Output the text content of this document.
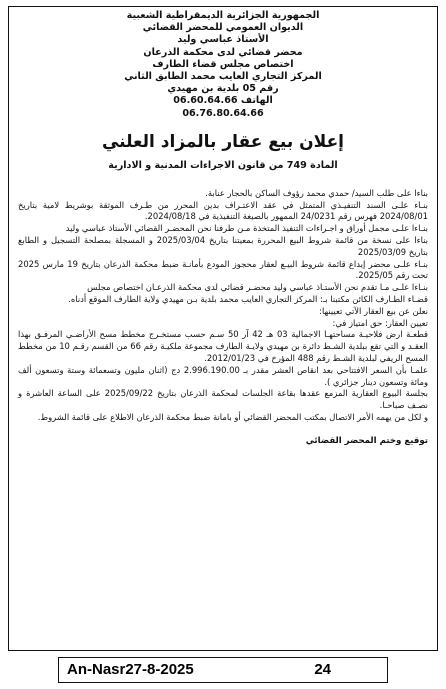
الجمهورية الجزائرية الديمقراطية الشعبية
الديوان العمومي للمحضر القضائي
الأستاذ عباسي وليد
محضر قضائي لدى محكمة الذرعان
اختصاص مجلس قضاء الطارف
المركز التجاري العايب محمد الطابق الثاني
رقم 05 بلدية بن مهيدي
الهاتف 06.60.64.66
06.76.80.64.66
إعلان بيع عقار بالمزاد العلني
المادة 749 من قانون الاجراءات المدنية و الادارية

بناءا على طلب السيد/ حمدي محمد رؤوف الساكن بالحجار عنابة.

بنـاء علـى السند التنفيـذي المتمثل في عقد الاعتـراف بدين المحرر من طـرف الموثقة بوشريط لامية بتاريخ 2024/08/01 فهرس رقم 24/0231 الممهور بالصيغة التنفيذية في 2024/08/18.

بنـاءا علـى مجمل أوراق و اجـراءات التنفيذ المتخذة مـن طرفنا نحن المحضـر القضائي الأستاذ عباسي وليد

بناءا على نسخة من قائمة شروط البيع المحررة بمعيتنا بتاريخ 2025/03/04 و المسجلة بمصلحة التسجيل و الطابع بتاريخ 2025/03/09

بنـاء علـى محضر إيداع قائمة شروط البيـع لعقار محجوز المودع بأمانـة ضبط محكمة الذرعان بتاريخ 19 مارس 2025 تحت رقم 2025/05.

بنـاءا علـى مـا تقدم نحن الأستـاذ عباسي وليد محضـر قضائي لدى محكمة الذرعـان اختصاص مجلس

قضـاء الطـارف الكائن مكتبنا بـ: المركز التجاري العايب محمد بلدية بـن مهيدي ولاية الطارف الموقع أدناه.

نعلن عن بيع العقار الآتي تعيينها:

تعيين العقار: حق امتياز في:

قطعـة ارض فلاحيـة مساحتهـا الاجمالية 03 هـ 42 آر 50 سـم حسب مستخـرج مخطط مسح الأراضـي المرفـق بهذا العقـد و التي تقع ببلدية الشـط دائرة بن مهيدي ولايـة الطارف مجموعة ملكيـة رقم 66 من القسم رقـم 10 من مخطط المسح الريفي لبلدية الشـط رقم 488 المؤرخ في 2012/01/23.

علمـا بأن السعر الافتتاحي بعد انقاص العشر مقدر بـ 2.996.190.00 دج (اثنان مليون وتسعمائة وستة وتسعون ألف ومائة وتسعون دينار جزائري ).

بجلسة البيوع العقارية المزمع عقدها بقاعة الجلسات لمحكمة الذرعان بتاريخ 2025/09/22 على الساعة العاشرة و نصـف صباحـا.

و لكل من يهمه الأمر الاتصال بمكتب المحضر القضائي أو بامانة ضبط محكمة الذرعان الاطلاع على قائمة الشروط.

توقيع وختم المحضر القضائي
An-Nasr27-8-2025	24
